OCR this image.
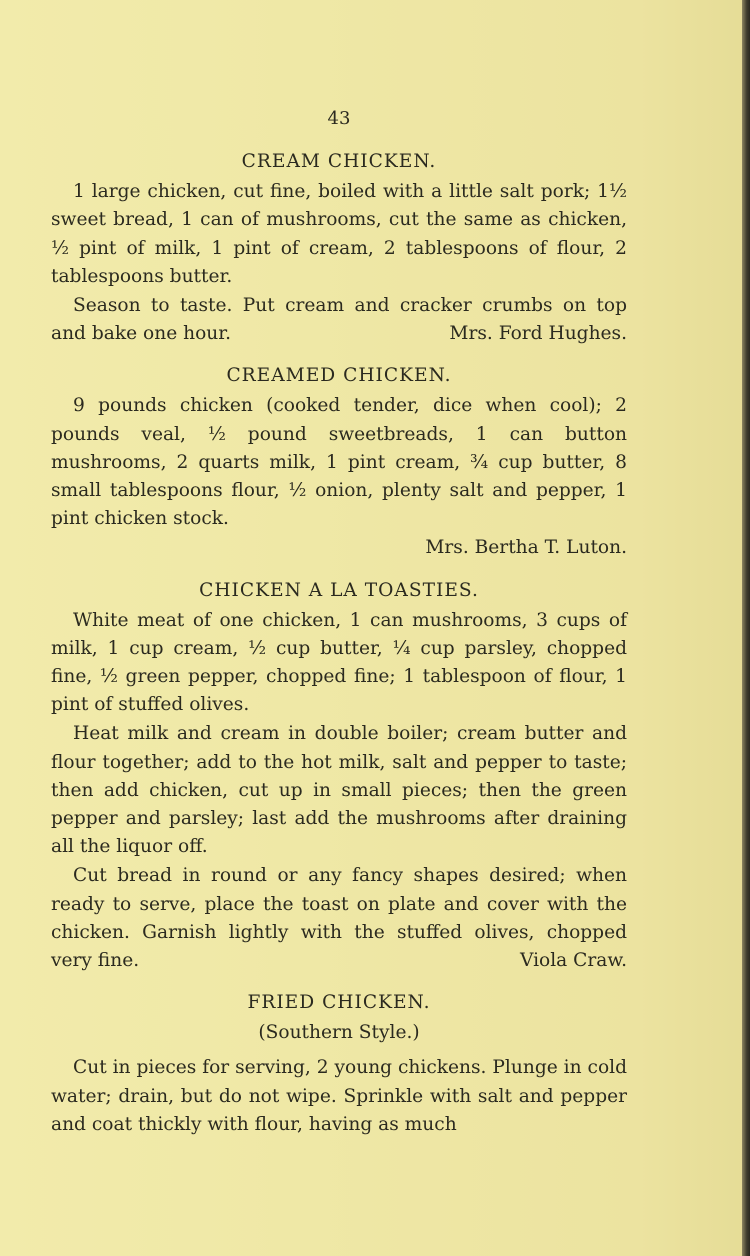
43
CREAM CHICKEN.

1 large chicken, cut fine, boiled with a little salt pork; 1½ sweet bread, 1 can of mushrooms, cut the same as chicken, ½ pint of milk, 1 pint of cream, 2 tablespoons of flour, 2 tablespoons butter.

Season to taste. Put cream and cracker crumbs on top and bake one hour.	Mrs. Ford Hughes.

CREAMED CHICKEN.

9 pounds chicken (cooked tender, dice when cool); 2 pounds veal, ½ pound sweetbreads, 1 can button mushrooms, 2 quarts milk, 1 pint cream, ¾ cup butter, 8 small tablespoons flour, ½ onion, plenty salt and pepper, 1 pint chicken stock.

Mrs. Bertha T. Luton.

CHICKEN A LA TOASTIES.

White meat of one chicken, 1 can mushrooms, 3 cups of milk, 1 cup cream, ½ cup butter, ¼ cup parsley, chopped fine, ½ green pepper, chopped fine; 1 tablespoon of flour, 1 pint of stuffed olives.

Heat milk and cream in double boiler; cream butter and flour together; add to the hot milk, salt and pepper to taste; then add chicken, cut up in small pieces; then the green pepper and parsley; last add the mushrooms after draining all the liquor off.

Cut bread in round or any fancy shapes desired; when ready to serve, place the toast on plate and cover with the chicken. Garnish lightly with the stuffed olives, chopped very fine.	Viola Craw.

FRIED CHICKEN.
(Southern Style.)

Cut in pieces for serving, 2 young chickens. Plunge in cold water; drain, but do not wipe. Sprinkle with salt and pepper and coat thickly with flour, having as much
